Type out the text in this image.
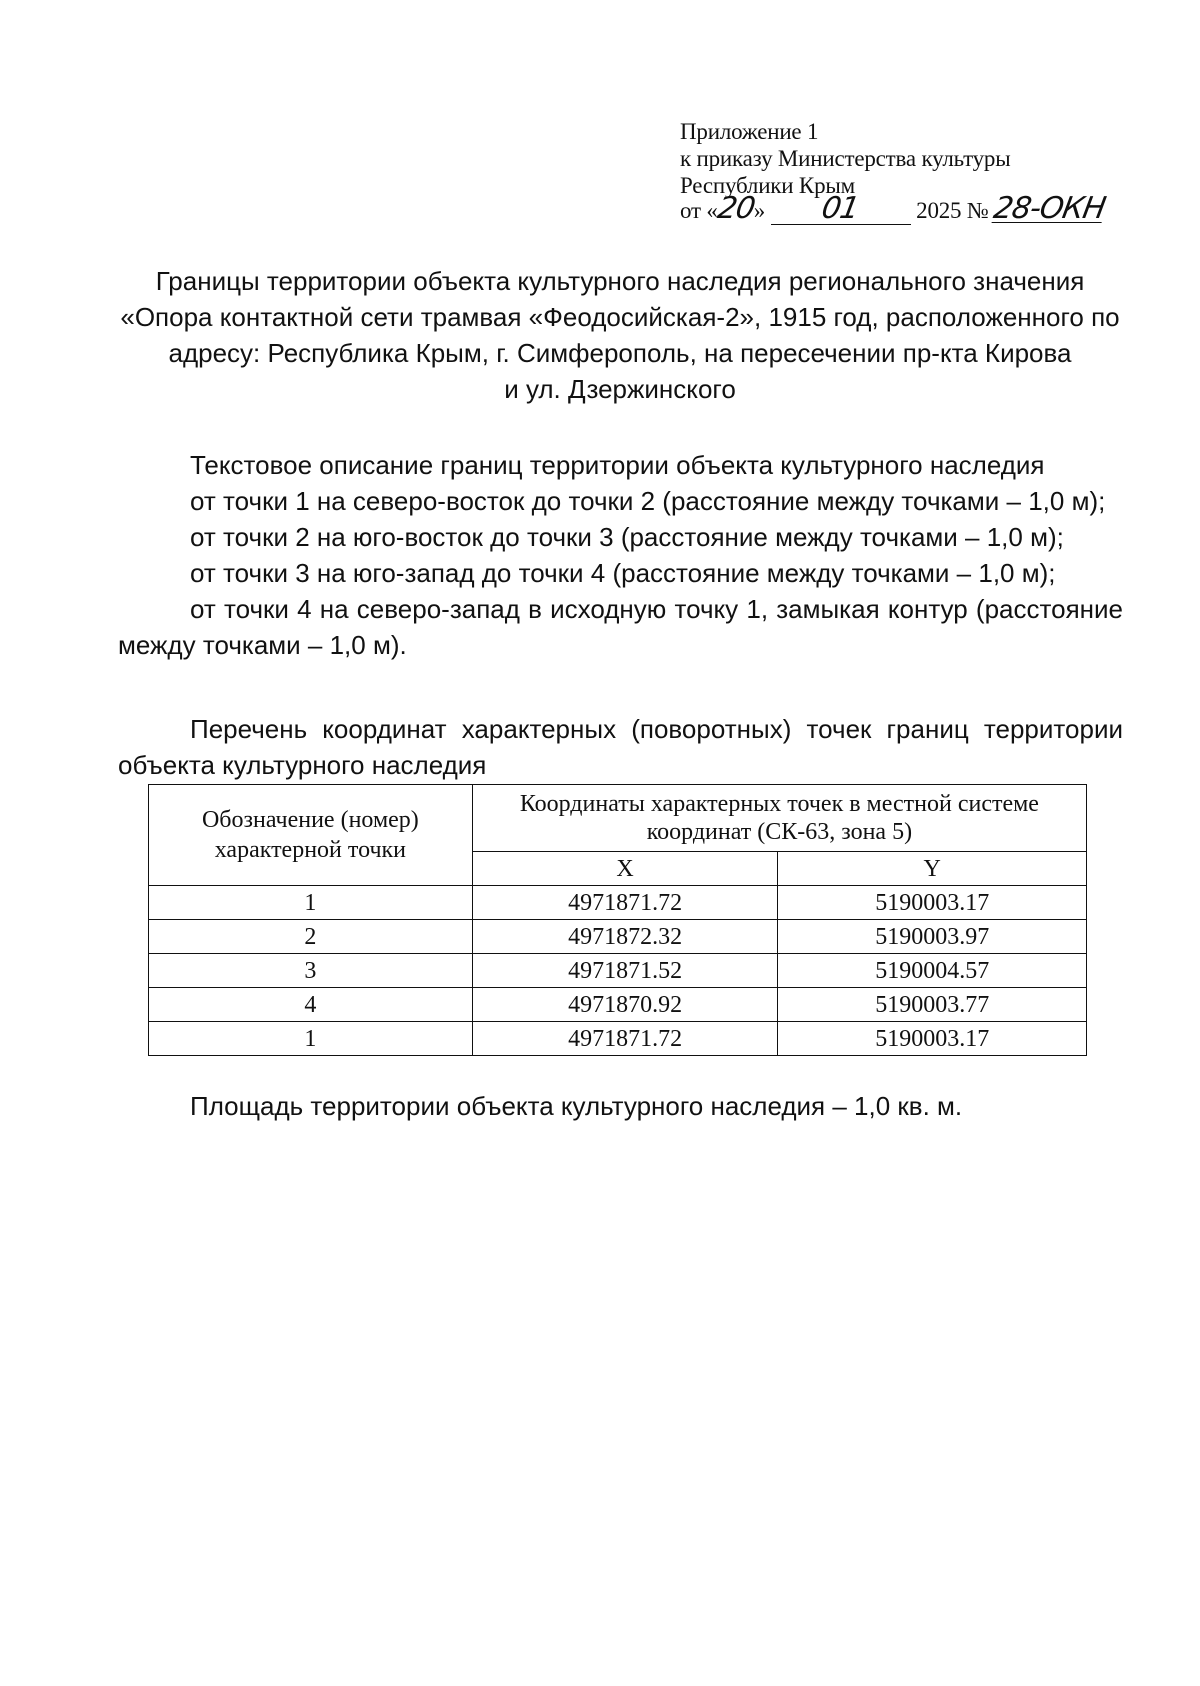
Приложение 1
к приказу Министерства культуры
Республики Крым
от «20» 01 2025 № 28-ОКН
Границы территории объекта культурного наследия регионального значения
«Опора контактной сети трамвая «Феодосийская-2», 1915 год, расположенного по
адресу: Республика Крым, г. Симферополь, на пересечении пр-кта Кирова
и ул. Дзержинского
Текстовое описание границ территории объекта культурного наследия
от точки 1 на северо-восток до точки 2 (расстояние между точками – 1,0 м);
от точки 2 на юго-восток до точки 3 (расстояние между точками – 1,0 м);
от точки 3 на юго-запад до точки 4 (расстояние между точками – 1,0 м);
от точки 4 на северо-запад в исходную точку 1, замыкая контур (расстояние
между точками – 1,0 м).
Перечень координат характерных (поворотных) точек границ территории
объекта культурного наследия
Обозначение (номер) характерной точки	Координаты характерных точек в местной системе координат (СК-63, зона 5)	
	X	Y
1	4971871.72	5190003.17
2	4971872.32	5190003.97
3	4971871.52	5190004.57
4	4971870.92	5190003.77
1	4971871.72	5190003.17
Площадь территории объекта культурного наследия – 1,0 кв. м.
